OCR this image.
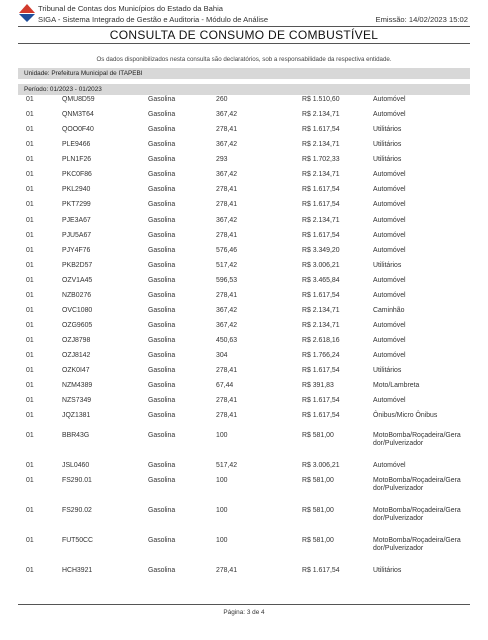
Tribunal de Contas dos Municípios do Estado da Bahia
SIGA - Sistema Integrado de Gestão e Auditoria - Módulo de Análise	Emissão: 14/02/2023 15:02
CONSULTA DE CONSUMO DE COMBUSTÍVEL
Os dados disponibilizados nesta consulta são declaratórios, sob a responsabilidade da respectiva entidade.
Unidade: Prefeitura Municipal de ITAPEBI
Período: 01/2023 - 01/2023
01	QMU8D59	Gasolina	260	R$ 1.510,60	Automóvel
01	QNM3T64	Gasolina	367,42	R$ 2.134,71	Automóvel
01	QOO0F40	Gasolina	278,41	R$ 1.617,54	Utilitários
01	PLE9466	Gasolina	367,42	R$ 2.134,71	Utilitários
01	PLN1F26	Gasolina	293	R$ 1.702,33	Utilitários
01	PKC0F86	Gasolina	367,42	R$ 2.134,71	Automóvel
01	PKL2940	Gasolina	278,41	R$ 1.617,54	Automóvel
01	PKT7299	Gasolina	278,41	R$ 1.617,54	Automóvel
01	PJE3A67	Gasolina	367,42	R$ 2.134,71	Automóvel
01	PJU5A67	Gasolina	278,41	R$ 1.617,54	Automóvel
01	PJY4F76	Gasolina	576,46	R$ 3.349,20	Automóvel
01	PKB2D57	Gasolina	517,42	R$ 3.006,21	Utilitários
01	OZV1A45	Gasolina	596,53	R$ 3.465,84	Automóvel
01	NZB0276	Gasolina	278,41	R$ 1.617,54	Automóvel
01	OVC1080	Gasolina	367,42	R$ 2.134,71	Caminhão
01	OZG9605	Gasolina	367,42	R$ 2.134,71	Automóvel
01	OZJ8798	Gasolina	450,63	R$ 2.618,16	Automóvel
01	OZJ8142	Gasolina	304	R$ 1.766,24	Automóvel
01	OZK0I47	Gasolina	278,41	R$ 1.617,54	Utilitários
01	NZM4389	Gasolina	67,44	R$ 391,83	Moto/Lambreta
01	NZS7349	Gasolina	278,41	R$ 1.617,54	Automóvel
01	JQZ1381	Gasolina	278,41	R$ 1.617,54	Ônibus/Micro Ônibus
01	BBR43G	Gasolina	100	R$ 581,00	MotoBomba/Roçadeira/Gerador/Pulverizador
01	JSL0460	Gasolina	517,42	R$ 3.006,21	Automóvel
01	FS290.01	Gasolina	100	R$ 581,00	MotoBomba/Roçadeira/Gerador/Pulverizador
01	FS290.02	Gasolina	100	R$ 581,00	MotoBomba/Roçadeira/Gerador/Pulverizador
01	FUT50CC	Gasolina	100	R$ 581,00	MotoBomba/Roçadeira/Gerador/Pulverizador
01	HCH3921	Gasolina	278,41	R$ 1.617,54	Utilitários
Página: 3 de 4
